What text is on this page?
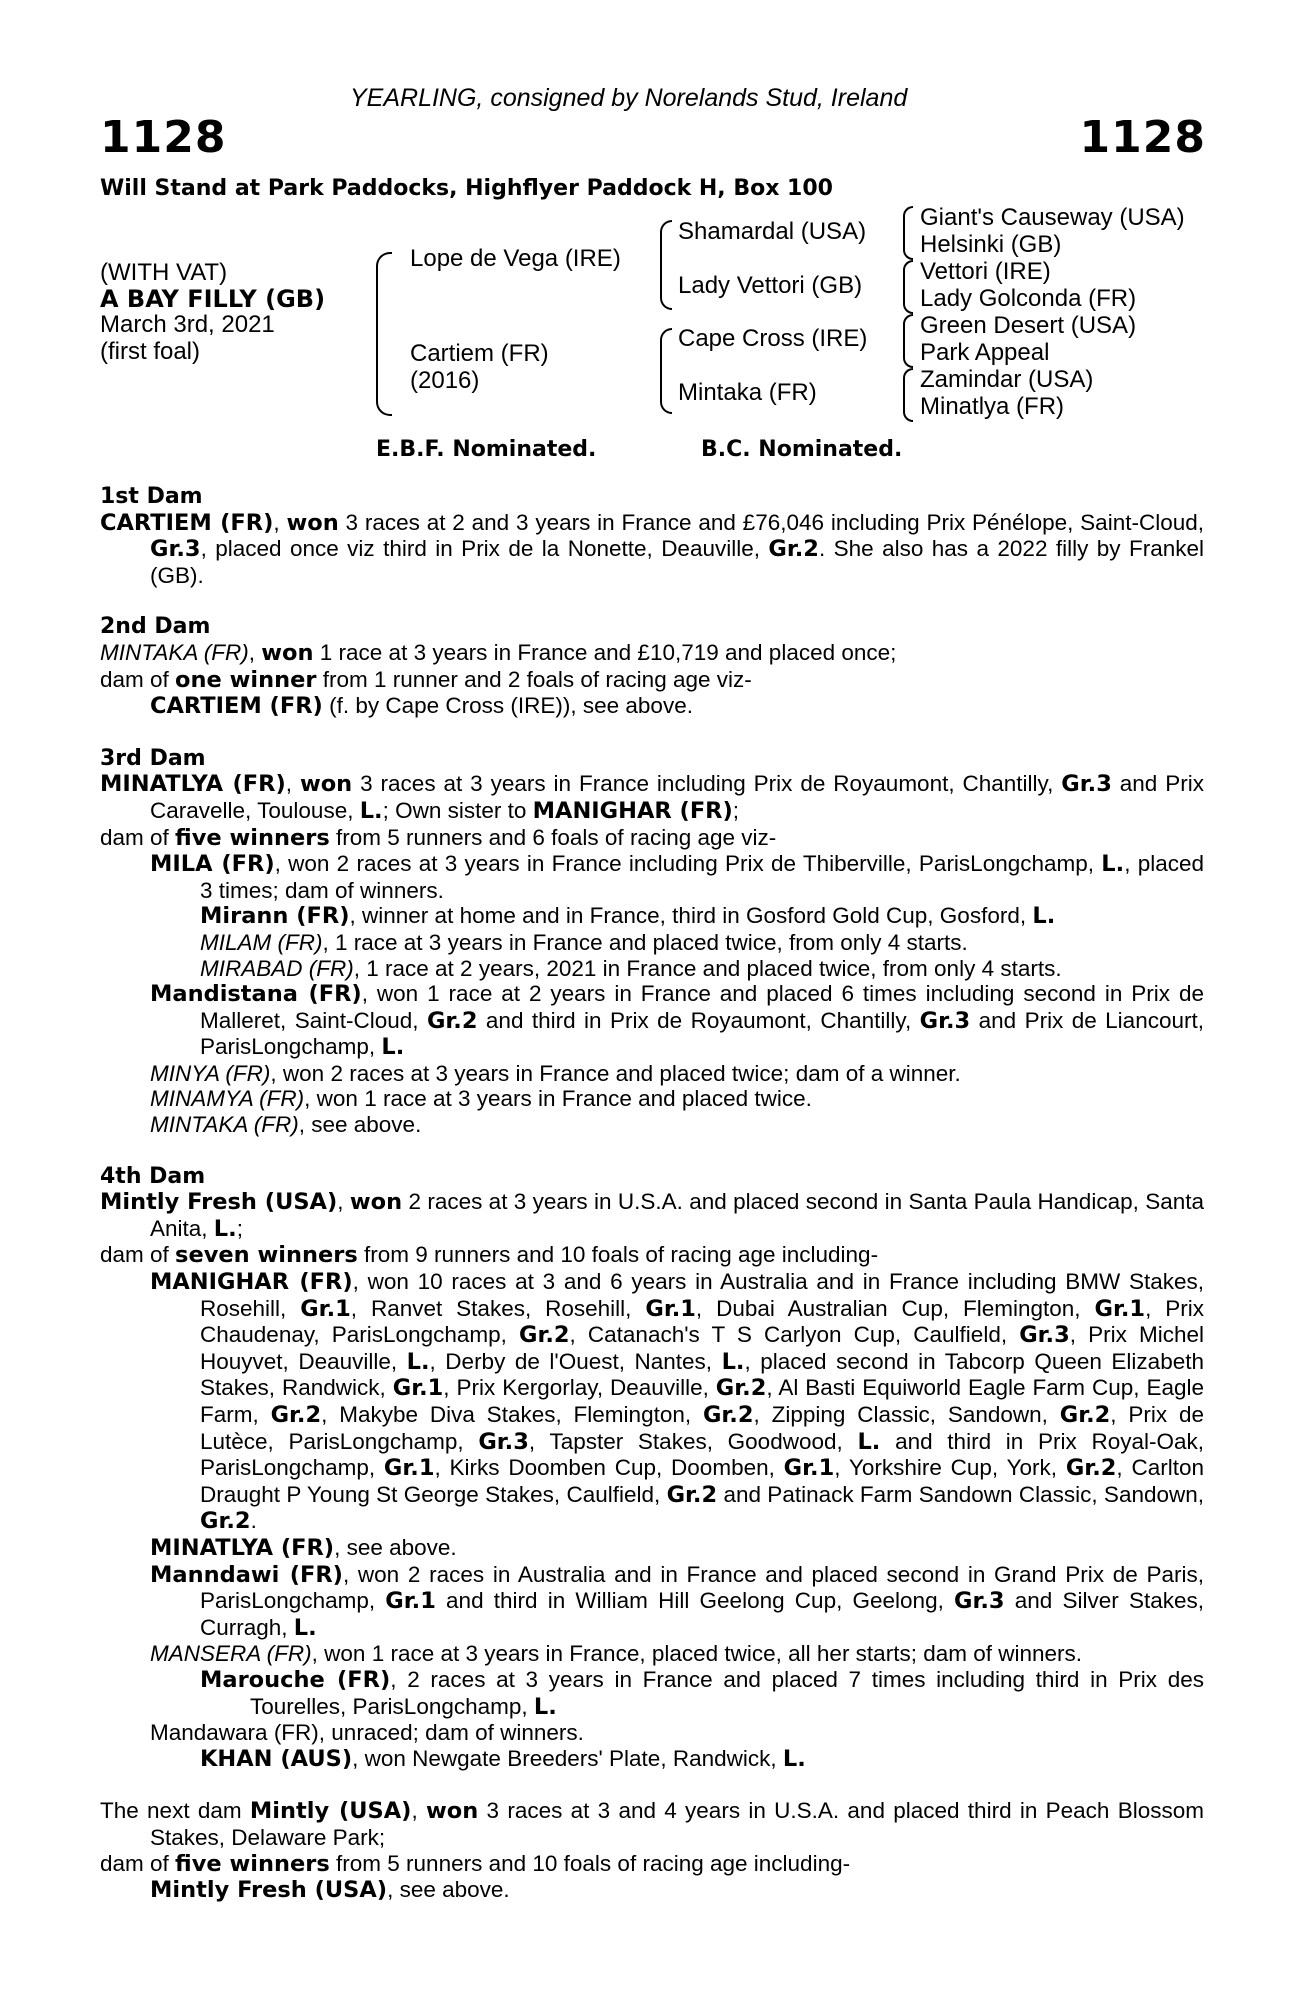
YEARLING, consigned by Norelands Stud, Ireland
1128	1128
Will Stand at Park Paddocks, Highflyer Paddock H, Box 100
(WITH VAT)
A BAY FILLY (GB)
March 3rd, 2021
(first foal)
Lope de Vega (IRE)
Cartiem (FR)
(2016)
Shamardal (USA)
Lady Vettori (GB)
Cape Cross (IRE)
Mintaka (FR)
Giant's Causeway (USA)
Helsinki (GB)
Vettori (IRE)
Lady Golconda (FR)
Green Desert (USA)
Park Appeal
Zamindar (USA)
Minatlya (FR)
E.B.F. Nominated.	B.C. Nominated.
1st Dam

CARTIEM (FR), won 3 races at 2 and 3 years in France and £76,046 including Prix Pénélope, Saint-Cloud, Gr.3, placed once viz third in Prix de la Nonette, Deauville, Gr.2. She also has a 2022 filly by Frankel (GB).

2nd Dam

MINTAKA (FR), won 1 race at 3 years in France and £10,719 and placed once;

dam of one winner from 1 runner and 2 foals of racing age viz-

CARTIEM (FR) (f. by Cape Cross (IRE)), see above.

3rd Dam

MINATLYA (FR), won 3 races at 3 years in France including Prix de Royaumont, Chantilly, Gr.3 and Prix Caravelle, Toulouse, L.; Own sister to MANIGHAR (FR);

dam of five winners from 5 runners and 6 foals of racing age viz-

MILA (FR), won 2 races at 3 years in France including Prix de Thiberville, ParisLongchamp, L., placed 3 times; dam of winners.

Mirann (FR), winner at home and in France, third in Gosford Gold Cup, Gosford, L.

MILAM (FR), 1 race at 3 years in France and placed twice, from only 4 starts.

MIRABAD (FR), 1 race at 2 years, 2021 in France and placed twice, from only 4 starts.

Mandistana (FR), won 1 race at 2 years in France and placed 6 times including second in Prix de Malleret, Saint-Cloud, Gr.2 and third in Prix de Royaumont, Chantilly, Gr.3 and Prix de Liancourt, ParisLongchamp, L.

MINYA (FR), won 2 races at 3 years in France and placed twice; dam of a winner.

MINAMYA (FR), won 1 race at 3 years in France and placed twice.

MINTAKA (FR), see above.

4th Dam

Mintly Fresh (USA), won 2 races at 3 years in U.S.A. and placed second in Santa Paula Handicap, Santa Anita, L.;

dam of seven winners from 9 runners and 10 foals of racing age including-

MANIGHAR (FR), won 10 races at 3 and 6 years in Australia and in France including BMW Stakes, Rosehill, Gr.1, Ranvet Stakes, Rosehill, Gr.1, Dubai Australian Cup, Flemington, Gr.1, Prix Chaudenay, ParisLongchamp, Gr.2, Catanach's T S Carlyon Cup, Caulfield, Gr.3, Prix Michel Houyvet, Deauville, L., Derby de l'Ouest, Nantes, L., placed second in Tabcorp Queen Elizabeth Stakes, Randwick, Gr.1, Prix Kergorlay, Deauville, Gr.2, Al Basti Equiworld Eagle Farm Cup, Eagle Farm, Gr.2, Makybe Diva Stakes, Flemington, Gr.2, Zipping Classic, Sandown, Gr.2, Prix de Lutèce, ParisLongchamp, Gr.3, Tapster Stakes, Goodwood, L. and third in Prix Royal-Oak, ParisLongchamp, Gr.1, Kirks Doomben Cup, Doomben, Gr.1, Yorkshire Cup, York, Gr.2, Carlton Draught P Young St George Stakes, Caulfield, Gr.2 and Patinack Farm Sandown Classic, Sandown, Gr.2.

MINATLYA (FR), see above.

Manndawi (FR), won 2 races in Australia and in France and placed second in Grand Prix de Paris, ParisLongchamp, Gr.1 and third in William Hill Geelong Cup, Geelong, Gr.3 and Silver Stakes, Curragh, L.

MANSERA (FR), won 1 race at 3 years in France, placed twice, all her starts; dam of winners.

Marouche (FR), 2 races at 3 years in France and placed 7 times including third in Prix des Tourelles, ParisLongchamp, L.

Mandawara (FR), unraced; dam of winners.

KHAN (AUS), won Newgate Breeders' Plate, Randwick, L.

The next dam Mintly (USA), won 3 races at 3 and 4 years in U.S.A. and placed third in Peach Blossom Stakes, Delaware Park;

dam of five winners from 5 runners and 10 foals of racing age including-

Mintly Fresh (USA), see above.
